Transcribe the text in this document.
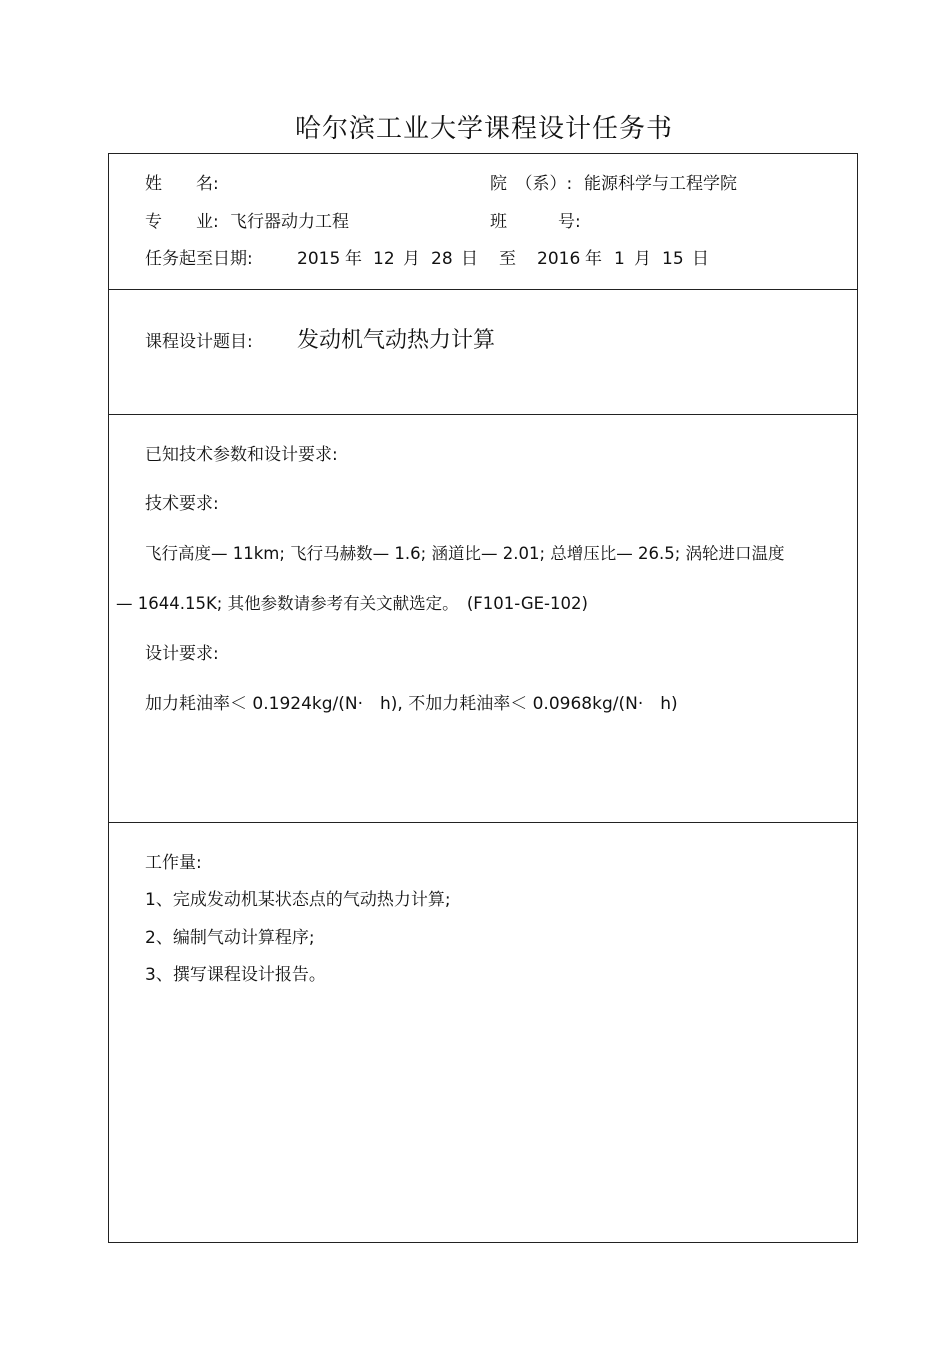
哈尔滨工业大学课程设计任务书
姓　　名:	院　（系）: 能源科学与工程学院
专　　业: 飞行器动力工程	班　　　号:
任务起至日期:	2015 年 12 月 28 日 至 2016 年 1 月 15 日
课程设计题目: 发动机气动热力计算
已知技术参数和设计要求:
技术要求:
飞行高度— 11km; 飞行马赫数— 1.6; 涵道比— 2.01; 总增压比— 26.5; 涡轮进口温度
— 1644.15K; 其他参数请参考有关文献选定。　(F101-GE-102)
设计要求:
加力耗油率＜ 0.1924kg/(N·　h), 不加力耗油率＜ 0.0968kg/(N·　h)
工作量:
1、完成发动机某状态点的气动热力计算;
2、编制气动计算程序;
3、撰写课程设计报告。
